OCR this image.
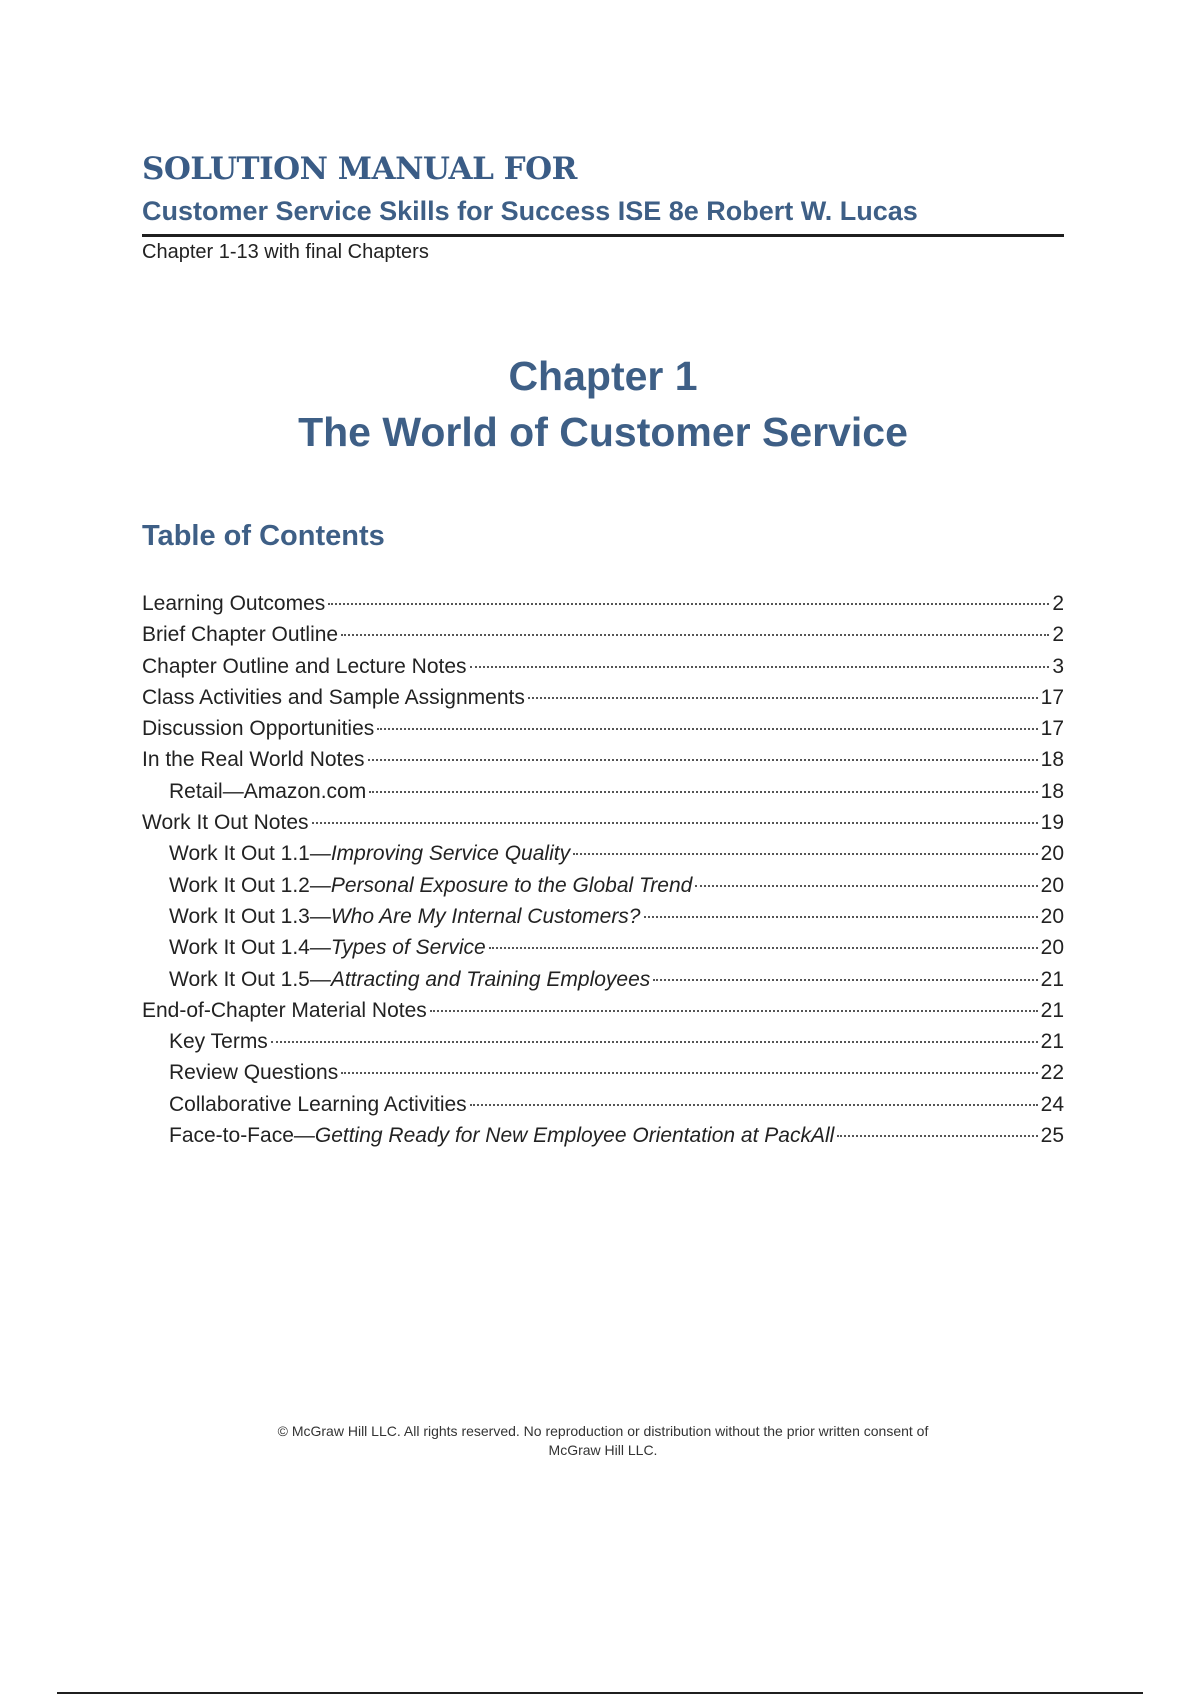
SOLUTION MANUAL FOR
Customer Service Skills for Success ISE 8e Robert W. Lucas
Chapter 1-13 with final Chapters
Chapter 1
The World of Customer Service
Table of Contents
Learning Outcomes	2
Brief Chapter Outline	2
Chapter Outline and Lecture Notes	3
Class Activities and Sample Assignments	17
Discussion Opportunities	17
In the Real World Notes	18
Retail—Amazon.com	18
Work It Out Notes	19
Work It Out 1.1—Improving Service Quality	20
Work It Out 1.2—Personal Exposure to the Global Trend	20
Work It Out 1.3—Who Are My Internal Customers?	20
Work It Out 1.4—Types of Service	20
Work It Out 1.5—Attracting and Training Employees	21
End-of-Chapter Material Notes	21
Key Terms	21
Review Questions	22
Collaborative Learning Activities	24
Face-to-Face—Getting Ready for New Employee Orientation at PackAll	25
© McGraw Hill LLC. All rights reserved. No reproduction or distribution without the prior written consent of
McGraw Hill LLC.
